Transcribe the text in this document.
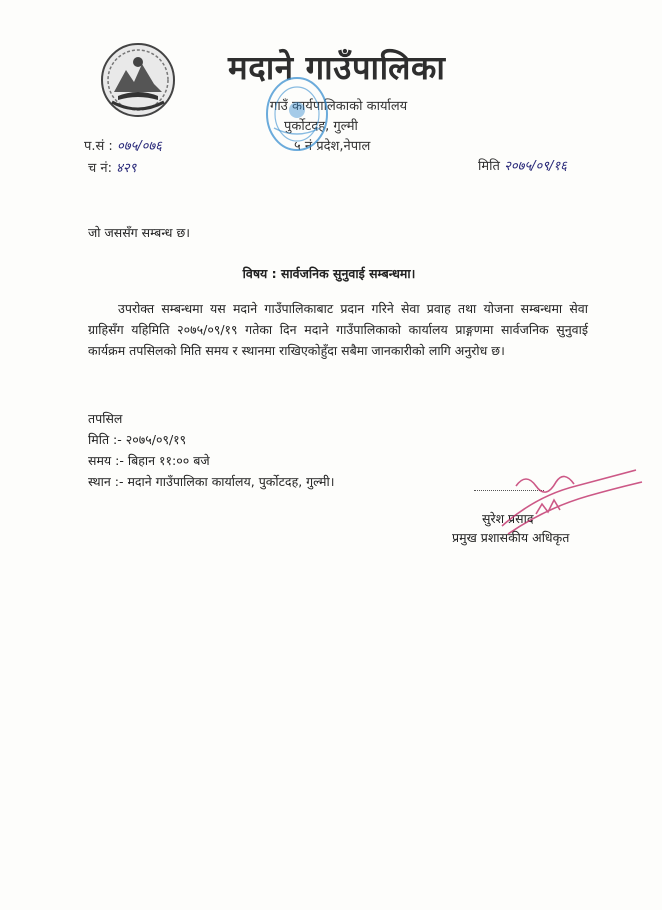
मदाने गाउँपालिका
गाउँ कार्यपालिकाको कार्यालय
पुर्कोटदह, गुल्मी
५ नं प्रदेश,नेपाल
प.सं : ०७५/०७६
च नं: ४२९	मिति २०७५/०९/१६
जो जससँग सम्बन्ध छ।
विषय : सार्वजनिक सुनुवाई सम्बन्धमा।
उपरोक्त सम्बन्धमा यस मदाने गाउँपालिकाबाट प्रदान गरिने सेवा प्रवाह तथा योजना सम्बन्धमा सेवा ग्राहिसँग यहिमिति २०७५/०९/१९ गतेका दिन मदाने गाउँपालिकाको कार्यालय प्राङ्गणमा सार्वजनिक सुनुवाई कार्यक्रम तपसिलको मिति समय र स्थानमा राखिएकोहुँदा सबैमा जानकारीको लागि अनुरोध छ।
तपसिल
मिति :- २०७५/०९/१९
समय :- बिहान ११:०० बजे
स्थान :- मदाने गाउँपालिका कार्यालय, पुर्कोटदह, गुल्मी।
सुरेश प्रसाद
प्रमुख प्रशासकीय अधिकृत
